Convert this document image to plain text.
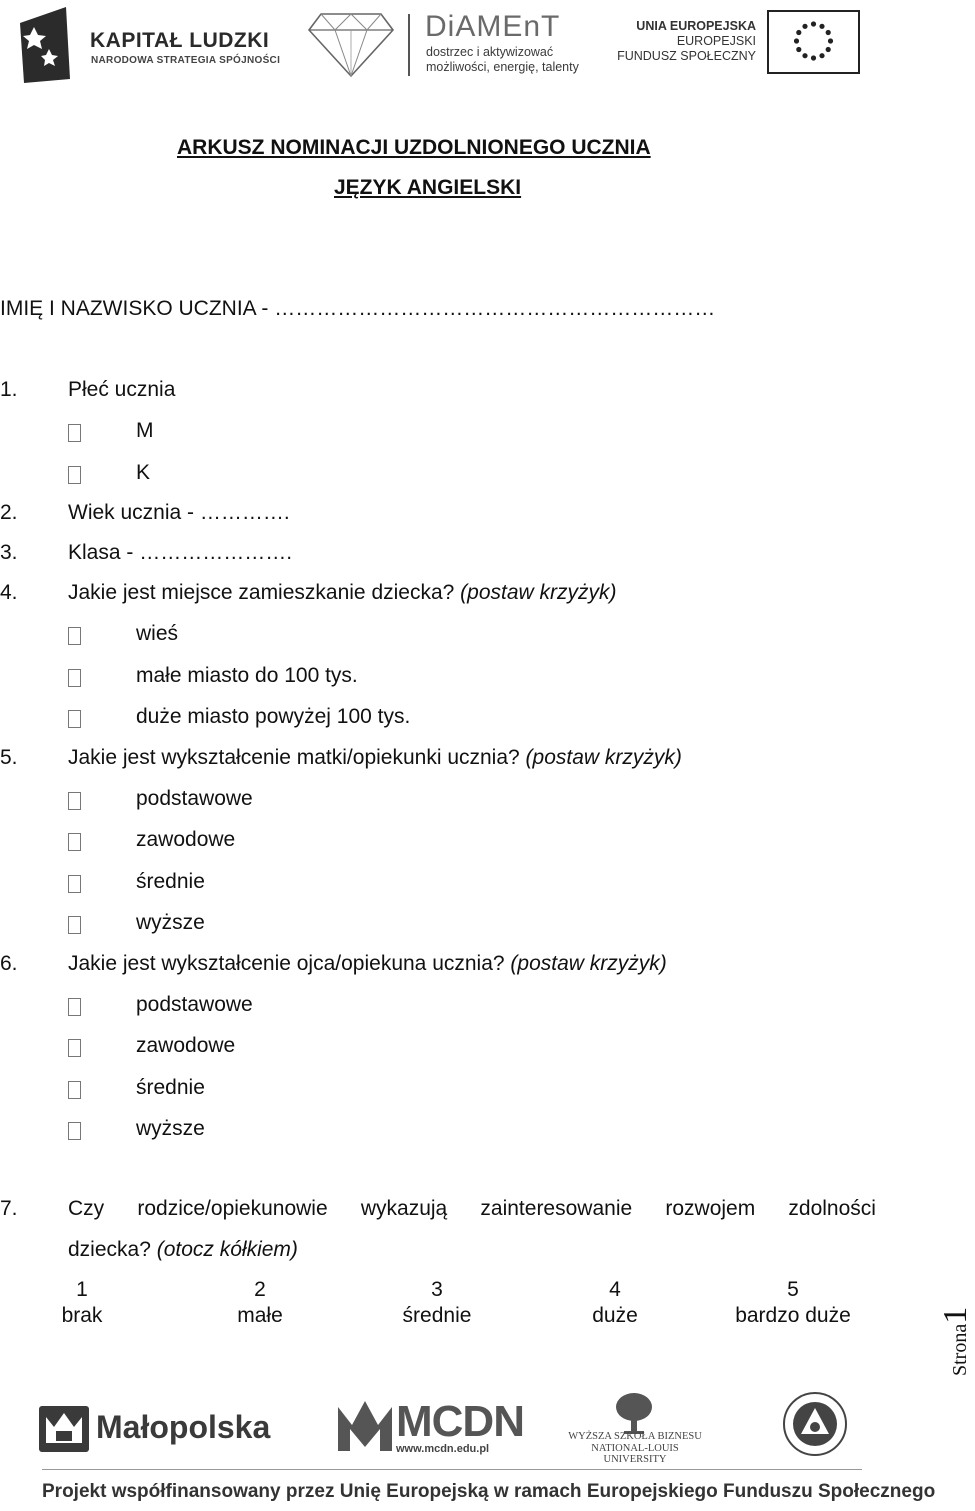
KAPITAŁ LUDZKI
NARODOWA STRATEGIA SPÓJNOŚCI
DiAMEnT
dostrzec i aktywizować
możliwości, energię, talenty
UNIA EUROPEJSKA
EUROPEJSKI
FUNDUSZ SPOŁECZNY
ARKUSZ NOMINACJI UZDOLNIONEGO UCZNIA
JĘZYK ANGIELSKI
IMIĘ I NAZWISKO UCZNIA - ………………………………………………………
1. Płeć ucznia
M
K
2. Wiek ucznia - ………….
3. Klasa - ………………….
4. Jakie jest miejsce zamieszkanie dziecka? (postaw krzyżyk)
wieś
małe miasto do 100 tys.
duże miasto powyżej 100 tys.
5. Jakie jest wykształcenie matki/opiekunki ucznia? (postaw krzyżyk)
podstawowe
zawodowe
średnie
wyższe
6. Jakie jest wykształcenie ojca/opiekuna ucznia? (postaw krzyżyk)
podstawowe
zawodowe
średnie
wyższe
7. Czy rodzice/opiekunowie wykazują zainteresowanie rozwojem zdolności
dziecka? (otocz kółkiem)
1
brak
2
małe
3
średnie
4
duże
5
bardzo duże
Strona1
Małopolska	MCDN
www.mcdn.edu.pl
WYŻSZA SZKOŁA BIZNESU
NATIONAL-LOUIS UNIVERSITY
Projekt współfinansowany przez Unię Europejską w ramach Europejskiego Funduszu Społecznego
